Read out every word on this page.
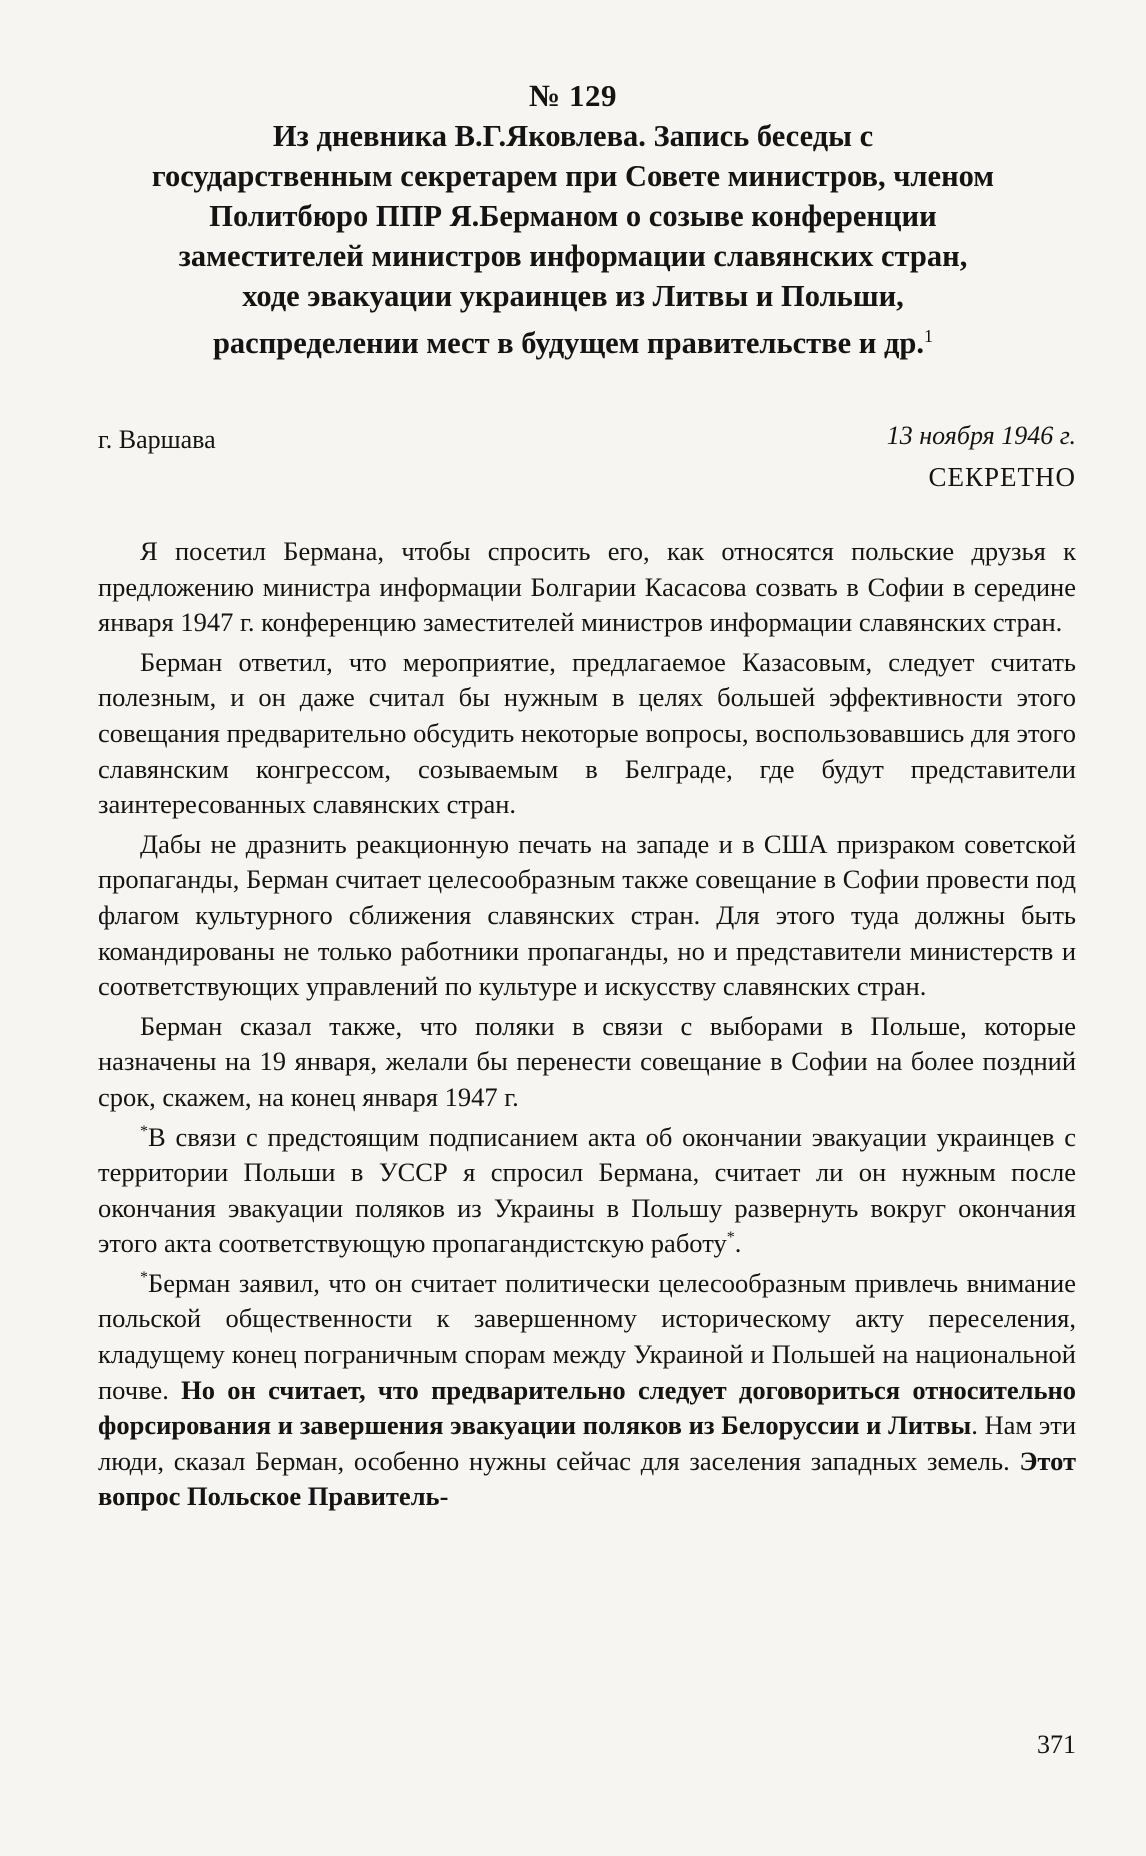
№ 129
Из дневника В.Г.Яковлева. Запись беседы с государственным секретарем при Совете министров, членом Политбюро ППР Я.Берманом о созыве конференции заместителей министров информации славянских стран, ходе эвакуации украинцев из Литвы и Польши, распределении мест в будущем правительстве и др.$^1$
г. Варшава	13 ноября 1946 г.
СЕКРЕТНО

Я посетил Бермана, чтобы спросить его, как относятся польские друзья к предложению министра информации Болгарии Касасова созвать в Софии в середине января 1947 г. конференцию заместителей министров информации славянских стран.

Берман ответил, что мероприятие, предлагаемое Казасовым, следует считать полезным, и он даже считал бы нужным в целях большей эффективности этого совещания предварительно обсудить некоторые вопросы, воспользовавшись для этого славянским конгрессом, созываемым в Белграде, где будут представители заинтересованных славянских стран.

Дабы не дразнить реакционную печать на западе и в США призраком советской пропаганды, Берман считает целесообразным также совещание в Софии провести под флагом культурного сближения славянских стран. Для этого туда должны быть командированы не только работники пропаганды, но и представители министерств и соответствующих управлений по культуре и искусству славянских стран.

Берман сказал также, что поляки в связи с выборами в Польше, которые назначены на 19 января, желали бы перенести совещание в Софии на более поздний срок, скажем, на конец января 1947 г.

*В связи с предстоящим подписанием акта об окончании эвакуации украинцев с территории Польши в УССР я спросил Бермана, считает ли он нужным после окончания эвакуации поляков из Украины в Польшу развернуть вокруг окончания этого акта соответствующую пропагандистскую работу*.

*Берман заявил, что он считает политически целесообразным привлечь внимание польской общественности к завершенному историческому акту переселения, кладущему конец пограничным спорам между Украиной и Польшей на национальной почве. Но он считает, что предварительно следует договориться относительно форсирования и завершения эвакуации поляков из Белоруссии и Литвы. Нам эти люди, сказал Берман, особенно нужны сейчас для заселения западных земель. Этот вопрос Польское Правитель-

371
